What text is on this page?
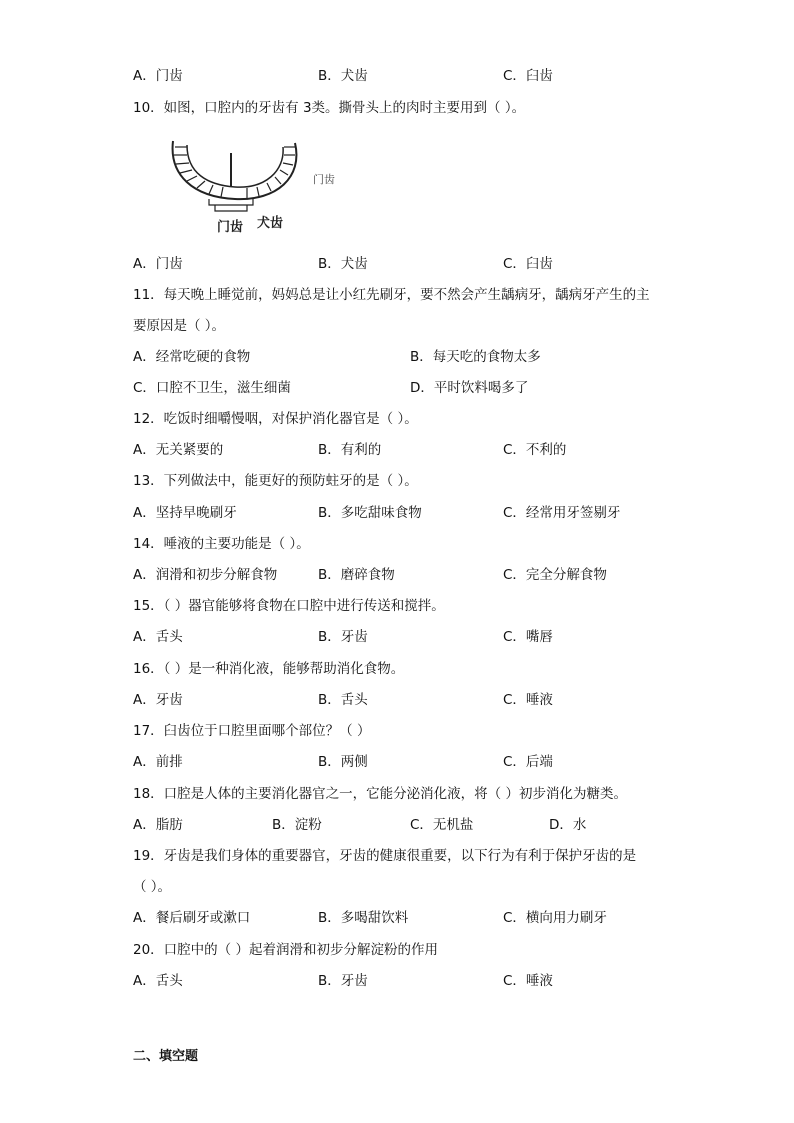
A．门齿	B．犬齿	C．臼齿
10．如图，口腔内的牙齿有 3类。撕骨头上的肉时主要用到（ ）。
门齿 犬齿
门齿
A．门齿	B．犬齿	C．臼齿
11．每天晚上睡觉前，妈妈总是让小红先刷牙，要不然会产生龋病牙，龋病牙产生的主
要原因是（ ）。
A．经常吃硬的食物	B．每天吃的食物太多
C．口腔不卫生，滋生细菌	D．平时饮料喝多了
12．吃饭时细嚼慢咽，对保护消化器官是（ ）。
A．无关紧要的	B．有利的	C．不利的
13．下列做法中，能更好的预防蛀牙的是（ ）。
A．坚持早晚刷牙	B．多吃甜味食物	C．经常用牙签剔牙
14．唾液的主要功能是（ ）。
A．润滑和初步分解食物	B．磨碎食物	C．完全分解食物
15．（ ）器官能够将食物在口腔中进行传送和搅拌。
A．舌头	B．牙齿	C．嘴唇
16．（ ）是一种消化液，能够帮助消化食物。
A．牙齿	B．舌头	C．唾液
17．臼齿位于口腔里面哪个部位？（ ）
A．前排	B．两侧	C．后端
18．口腔是人体的主要消化器官之一，它能分泌消化液，将（ ）初步消化为糖类。
A．脂肪	B．淀粉	C．无机盐	D．水
19．牙齿是我们身体的重要器官，牙齿的健康很重要，以下行为有利于保护牙齿的是
（ ）。
A．餐后刷牙或漱口	B．多喝甜饮料	C．横向用力刷牙
20．口腔中的（ ）起着润滑和初步分解淀粉的作用
A．舌头	B．牙齿	C．唾液
二、填空题
